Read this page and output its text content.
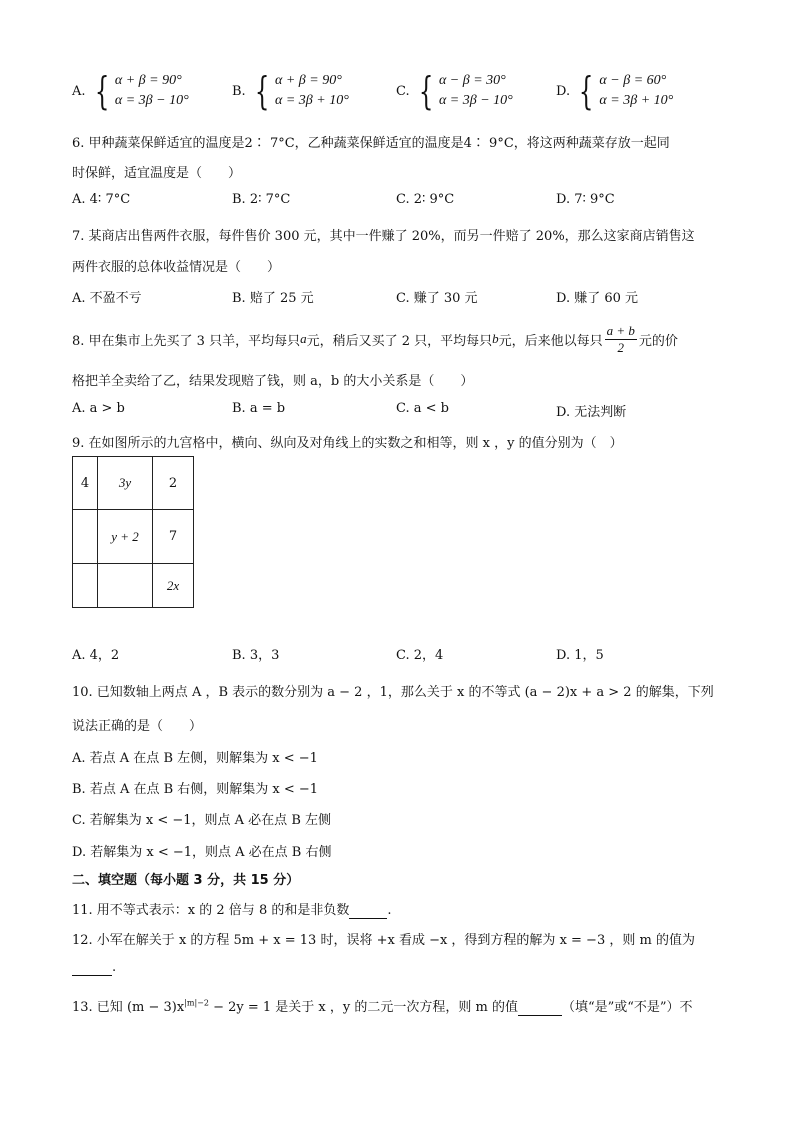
A.
{ α + β = 90°
α = 3β − 10°
B.
{ α + β = 90°
α = 3β + 10°
C.
{ α − β = 30°
α = 3β − 10°
D.
{ α − β = 60°
α = 3β + 10°
6. 甲种蔬菜保鲜适宜的温度是2∶ 7°C，乙种蔬菜保鲜适宜的温度是4∶ 9°C，将这两种蔬菜存放一起同
时保鲜，适宜温度是（　　）
A. 4∶ 7°C	B. 2∶ 7°C	C. 2∶ 9°C	D. 7∶ 9°C
7. 某商店出售两件衣服，每件售价 300 元，其中一件赚了 20%，而另一件赔了 20%，那么这家商店销售这
两件衣服的总体收益情况是（　　）
A. 不盈不亏	B. 赔了 25 元	C. 赚了 30 元	D. 赚了 60 元
8. 甲在集市上先买了 3 只羊，平均每只 a 元，稍后又买了 2 只，平均每只 b 元，后来他以每只 $\frac{a + b}{2}$ 元的价
格把羊全卖给了乙，结果发现赔了钱，则 a，b 的大小关系是（　　）
A. a > b	B. a = b	C. a < b	D. 无法判断
9. 在如图所示的九宫格中，横向、纵向及对角线上的实数之和相等，则 x ，y 的值分别为（　）
4	3y	2
	y + 2	7
		2x
A. 4，2	B. 3，3	C. 2，4	D. 1，5
10. 已知数轴上两点 A ，B 表示的数分别为 a − 2 ，1，那么关于 x 的不等式 (a − 2)x + a > 2 的解集，下列
说法正确的是（　　）
A. 若点 A 在点 B 左侧，则解集为 x < −1
B. 若点 A 在点 B 右侧，则解集为 x < −1
C. 若解集为 x < −1，则点 A 必在点 B 左侧
D. 若解集为 x < −1，则点 A 必在点 B 右侧
二、填空题（每小题 3 分，共 15 分）
11. 用不等式表示：x 的 2 倍与 8 的和是非负数	.
12. 小军在解关于 x 的方程 5m + x = 13 时，误将 +x 看成 −x ，得到方程的解为 x = −3 ，则 m 的值为
.
13. 已知 $(m - 3)x^{|m|-2} - 2y = 1$ 是关于 x ，y 的二元一次方程，则 m 的值	（填“是”或“不是”）不
